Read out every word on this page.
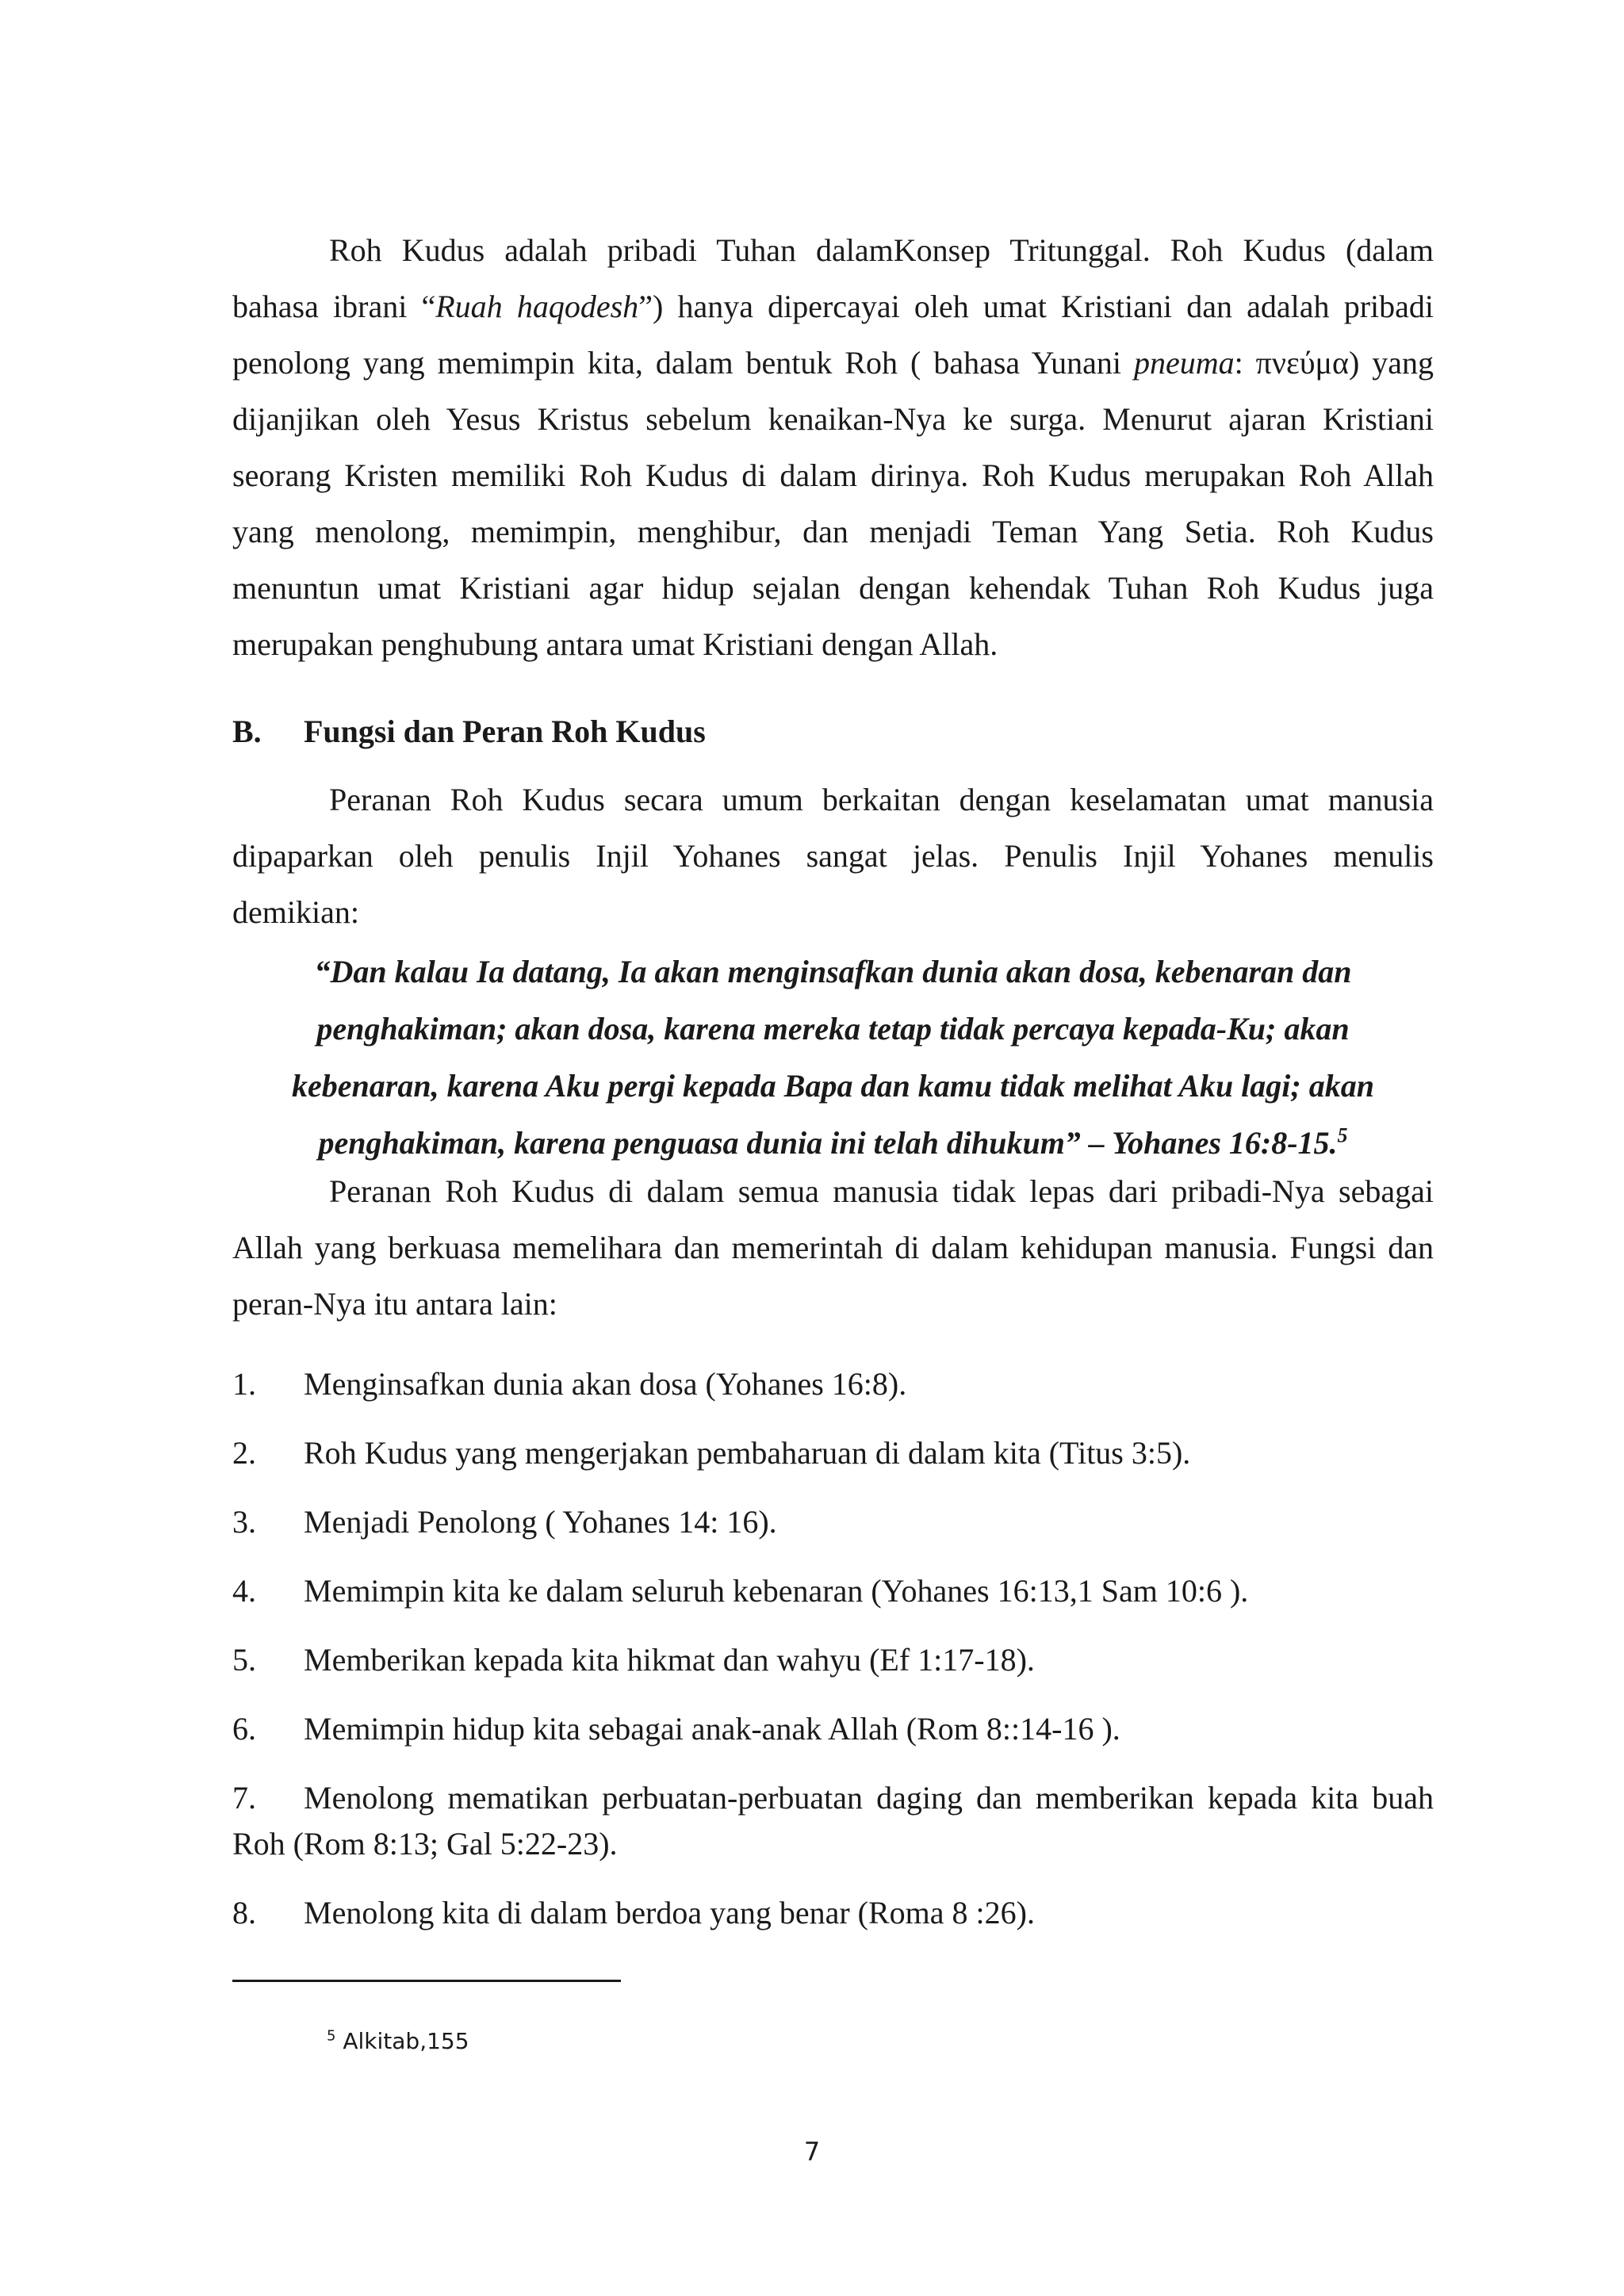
Roh Kudus adalah pribadi Tuhan dalamKonsep Tritunggal. Roh Kudus (dalam
bahasa ibrani “Ruah haqodesh”) hanya dipercayai oleh umat Kristiani dan adalah pribadi
penolong yang memimpin kita, dalam bentuk Roh ( bahasa Yunani pneuma: πνεύμα) yang
dijanjikan oleh Yesus Kristus sebelum kenaikan-Nya ke surga. Menurut ajaran Kristiani
seorang Kristen memiliki Roh Kudus di dalam dirinya. Roh Kudus merupakan Roh Allah
yang menolong, memimpin, menghibur, dan menjadi Teman Yang Setia. Roh Kudus
menuntun umat Kristiani agar hidup sejalan dengan kehendak Tuhan Roh Kudus juga
merupakan penghubung antara umat Kristiani dengan Allah.
B. Fungsi dan Peran Roh Kudus
Peranan Roh Kudus secara umum berkaitan dengan keselamatan umat manusia
dipaparkan oleh penulis Injil Yohanes sangat jelas. Penulis Injil Yohanes menulis
demikian:
“Dan kalau Ia datang, Ia akan menginsafkan dunia akan dosa, kebenaran dan
penghakiman; akan dosa, karena mereka tetap tidak percaya kepada-Ku; akan
kebenaran, karena Aku pergi kepada Bapa dan kamu tidak melihat Aku lagi; akan
penghakiman, karena penguasa dunia ini telah dihukum” – Yohanes 16:8-15.$^5$
Peranan Roh Kudus di dalam semua manusia tidak lepas dari pribadi-Nya sebagai
Allah yang berkuasa memelihara dan memerintah di dalam kehidupan manusia. Fungsi dan
peran-Nya itu antara lain:
1. Menginsafkan dunia akan dosa (Yohanes 16:8).
2. Roh Kudus yang mengerjakan pembaharuan di dalam kita (Titus 3:5).
3. Menjadi Penolong ( Yohanes 14: 16).
4. Memimpin kita ke dalam seluruh kebenaran (Yohanes 16:13,1 Sam 10:6 ).
5. Memberikan kepada kita hikmat dan wahyu (Ef 1:17-18).
6. Memimpin hidup kita sebagai anak-anak Allah (Rom 8::14-16 ).
7. Menolong mematikan perbuatan-perbuatan daging dan memberikan kepada kita buah
Roh (Rom 8:13; Gal 5:22-23).
8. Menolong kita di dalam berdoa yang benar (Roma 8 :26).
$^5$ Alkitab,155
7
